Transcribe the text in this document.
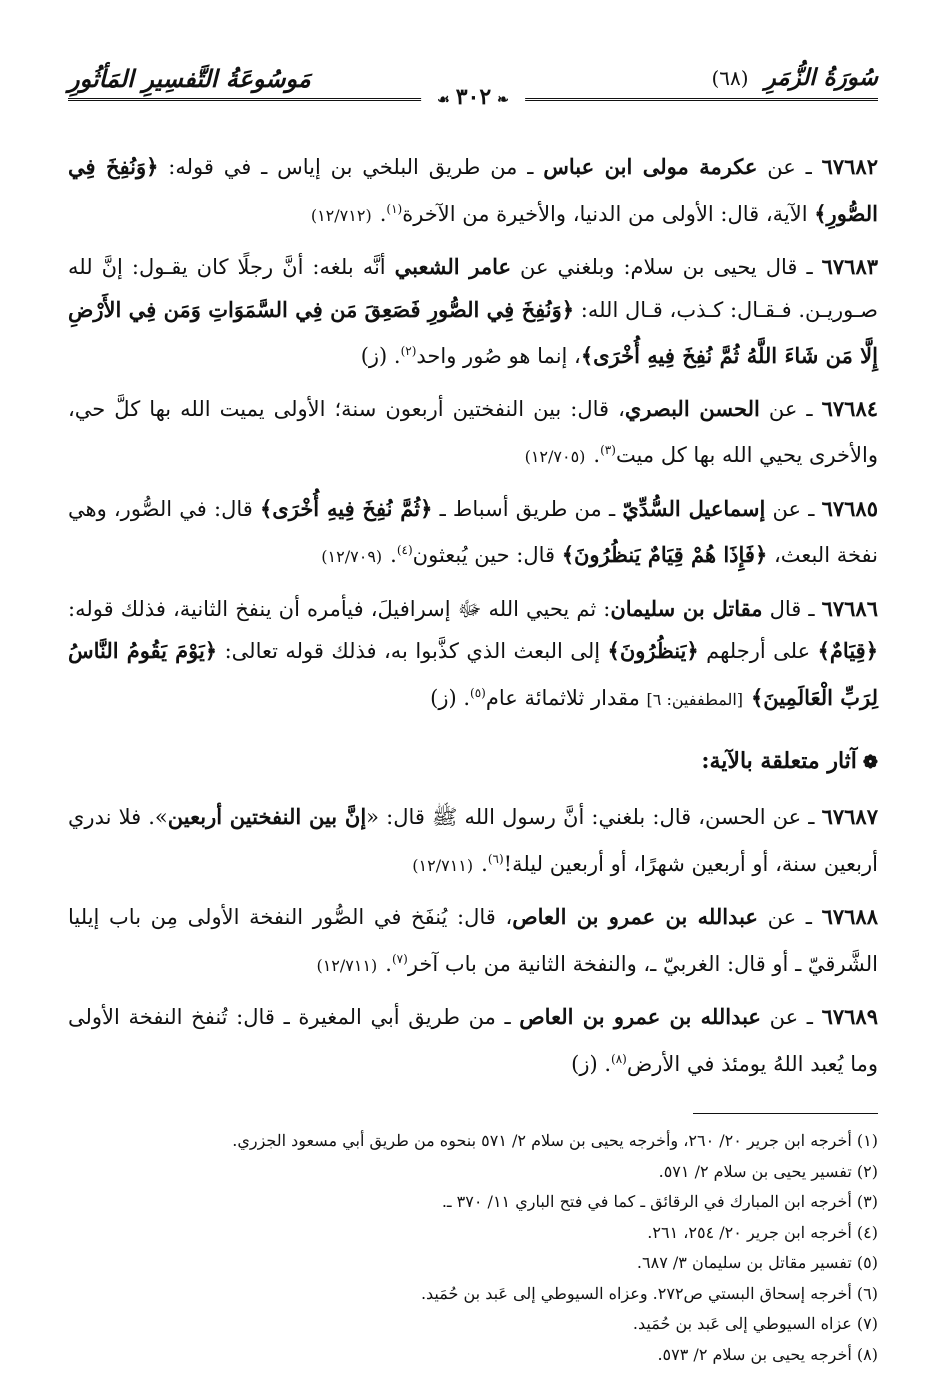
سُورَةُ الزُّمَرِ (٦٨)
مَوسُوعَةُ التَّفسِيرِ المَأثُورِ
❧٣٠٢☙

٦٧٦٨٢ ـ عن عكرمة مولى ابن عباس ـ من طريق البلخي بن إياس ـ في قوله: ﴿وَنُفِخَ فِي الصُّورِ﴾ الآية، قال: الأولى من الدنيا، والأخيرة من الآخرة$^{(١)}$.(١٢/٧١٢)

٦٧٦٨٣ ـ قال يحيى بن سلام: وبلغني عن عامر الشعبي أنَّه بلغه: أنَّ رجلًا كان يقـول: إنَّ لله صـوريـن. فـقـال: كـذب، قـال الله: ﴿وَنُفِخَ فِي الصُّورِ فَصَعِقَ مَن فِي السَّمَوَاتِ وَمَن فِي الأَرْضِ إِلَّا مَن شَاءَ اللَّهُ ثُمَّ نُفِخَ فِيهِ أُخْرَى﴾، إنما هو صُور واحد$^{(٢)}$. (ز)

٦٧٦٨٤ ـ عن الحسن البصري، قال: بين النفختين أربعون سنة؛ الأولى يميت الله بها كلَّ حي، والأخرى يحيي الله بها كل ميت$^{(٣)}$.(١٢/٧٠٥)

٦٧٦٨٥ ـ عن إسماعيل السُّدِّيّ ـ من طريق أسباط ـ ﴿ثُمَّ نُفِخَ فِيهِ أُخْرَى﴾ قال: في الصُّور، وهي نفخة البعث، ﴿فَإِذَا هُمْ قِيَامٌ يَنظُرُونَ﴾ قال: حين يُبعثون$^{(٤)}$.(١٢/٧٠٩)

٦٧٦٨٦ ـ قال مقاتل بن سليمان: ثم يحيي الله ﷻ إسرافيلَ، فيأمره أن ينفخ الثانية، فذلك قوله: ﴿قِيَامٌ﴾ على أرجلهم ﴿يَنظُرُونَ﴾ إلى البعث الذي كذَّبوا به، فذلك قوله تعالى: ﴿يَوْمَ يَقُومُ النَّاسُ لِرَبِّ الْعَالَمِينَ﴾[المطففين: ٦] مقدار ثلاثمائة عام$^{(٥)}$. (ز)

❁آثار متعلقة بالآية:

٦٧٦٨٧ ـ عن الحسن، قال: بلغني: أنَّ رسول الله ﷺ قال: «إنَّ بين النفختين أربعين». فلا ندري أربعين سنة، أو أربعين شهرًا، أو أربعين ليلة!$^{(٦)}$.(١٢/٧١١)

٦٧٦٨٨ ـ عن عبدالله بن عمرو بن العاص، قال: يُنفَخ في الصُّور النفخة الأولى مِن باب إيليا الشَّرقيّ ـ أو قال: الغربيّ ـ، والنفخة الثانية من باب آخر$^{(٧)}$.(١٢/٧١١)

٦٧٦٨٩ ـ عن عبدالله بن عمرو بن العاص ـ من طريق أبي المغيرة ـ قال: تُنفخ النفخة الأولى وما يُعبد اللهُ يومئذ في الأرض$^{(٨)}$. (ز)

(١) أخرجه ابن جرير ٢٠/ ٢٦٠، وأخرجه يحيى بن سلام ٢/ ٥٧١ بنحوه من طريق أبي مسعود الجزري.

(٢) تفسير يحيى بن سلام ٢/ ٥٧١.

(٣) أخرجه ابن المبارك في الرقائق ـ كما في فتح الباري ١١/ ٣٧٠ ـ.

(٤) أخرجه ابن جرير ٢٠/ ٢٥٤، ٢٦١.

(٥) تفسير مقاتل بن سليمان ٣/ ٦٨٧.

(٦) أخرجه إسحاق البستي ص٢٧٢. وعزاه السيوطي إلى عَبد بن حُمَيد.

(٧) عزاه السيوطي إلى عَبد بن حُمَيد.

(٨) أخرجه يحيى بن سلام ٢/ ٥٧٣.
